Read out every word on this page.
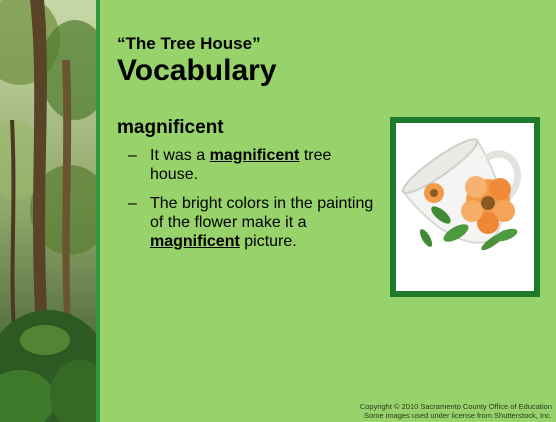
“The Tree House”
Vocabulary
magnificent
– It was a magnificent tree house.
– The bright colors in the painting of the flower make it a magnificent picture.
Copyright © 2010 Sacramento County Office of Education
Some images used under license from Shutterstock, Inc.
